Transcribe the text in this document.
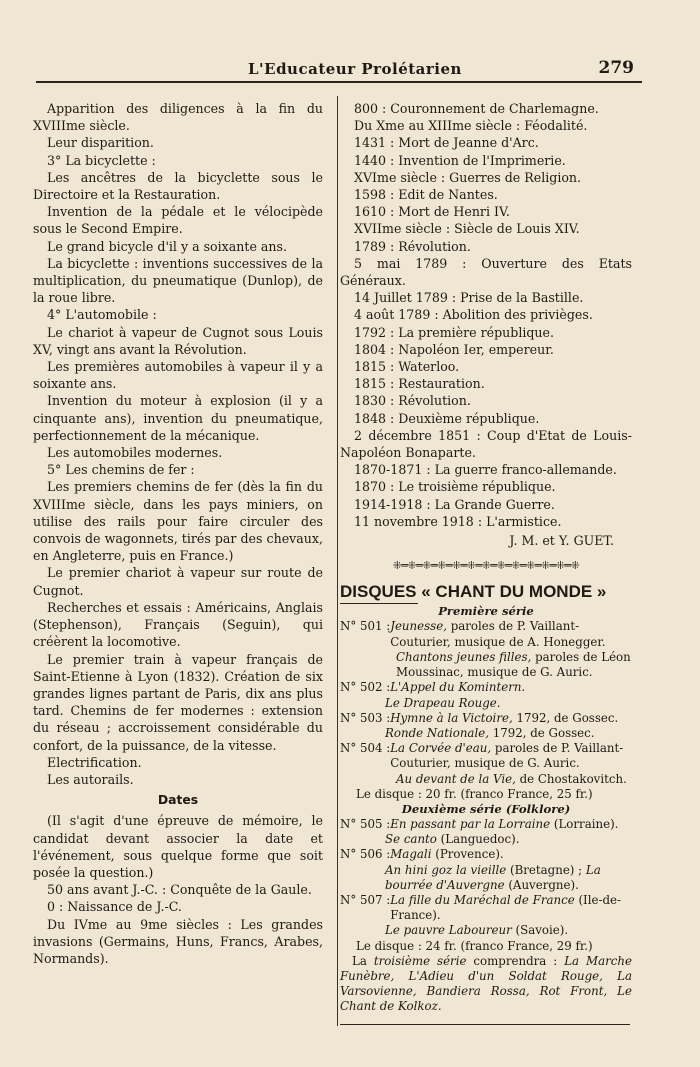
L'Educateur Prolétarien	279

Apparition des diligences à la fin du XVIIIme siècle.

Leur disparition.

3° La bicyclette :

Les ancêtres de la bicyclette sous le Directoire et la Restauration.

Invention de la pédale et le vélocipède sous le Second Empire.

Le grand bicycle d'il y a soixante ans.

La bicyclette : inventions successives de la multiplication, du pneumatique (Dunlop), de la roue libre.

4° L'automobile :

Le chariot à vapeur de Cugnot sous Louis XV, vingt ans avant la Révolution.

Les premières automobiles à vapeur il y a soixante ans.

Invention du moteur à explosion (il y a cinquante ans), invention du pneumatique, perfectionnement de la mécanique.

Les automobiles modernes.

5° Les chemins de fer :

Les premiers chemins de fer (dès la fin du XVIIIme siècle, dans les pays miniers, on utilise des rails pour faire circuler des convois de wagonnets, tirés par des chevaux, en Angleterre, puis en France.)

Le premier chariot à vapeur sur route de Cugnot.

Recherches et essais : Américains, Anglais (Stephenson), Français (Seguin), qui créèrent la locomotive.

Le premier train à vapeur français de Saint-Etienne à Lyon (1832). Création de six grandes lignes partant de Paris, dix ans plus tard. Chemins de fer modernes : extension du réseau ; accroissement considérable du confort, de la puissance, de la vitesse.

Electrification.

Les autorails.

Dates

(Il s'agit d'une épreuve de mémoire, le candidat devant associer la date et l'événement, sous quelque forme que soit posée la question.)

50 ans avant J.-C. : Conquête de la Gaule.

0 : Naissance de J.-C.

Du IVme au 9me siècles : Les grandes invasions (Germains, Huns, Francs, Arabes, Normands).

800 : Couronnement de Charlemagne.

Du Xme au XIIIme siècle : Féodalité.

1431 : Mort de Jeanne d'Arc.

1440 : Invention de l'Imprimerie.

XVIme siècle : Guerres de Religion.

1598 : Edit de Nantes.

1610 : Mort de Henri IV.

XVIIme siècle : Siècle de Louis XIV.

1789 : Révolution.

5 mai 1789 : Ouverture des Etats Généraux.

14 Juillet 1789 : Prise de la Bastille.

4 août 1789 : Abolition des privièges.

1792 : La première république.

1804 : Napoléon Ier, empereur.

1815 : Waterloo.

1815 : Restauration.

1830 : Révolution.

1848 : Deuxième république.

2 décembre 1851 : Coup d'Etat de Louis-Napoléon Bonaparte.

1870-1871 : La guerre franco-allemande.

1870 : Le troisième république.

1914-1918 : La Grande Guerre.

11 novembre 1918 : L'armistice.

J. M. et Y. GUET.

⁜═⁜═⁜═⁜═⁜═⁜═⁜═⁜═⁜═⁜═⁜═⁜═⁜

DISQUES « CHANT DU MONDE »

Première série

N° 501 : Jeunesse, paroles de P. Vaillant-Couturier, musique de A. Honegger.

Chantons jeunes filles, paroles de Léon Moussinac, musique de G. Auric.

N° 502 : L'Appel du Komintern.

Le Drapeau Rouge.

N° 503 : Hymne à la Victoire, 1792, de Gossec.

Ronde Nationale, 1792, de Gossec.

N° 504 : La Corvée d'eau, paroles de P. Vaillant-Couturier, musique de G. Auric.

Au devant de la Vie, de Chostakovitch.

Le disque : 20 fr. (franco France, 25 fr.)

Deuxième série (Folklore)

N° 505 : En passant par la Lorraine (Lorraine).

Se canto (Languedoc).

N° 506 : Magali (Provence).

An hini goz la vieille (Bretagne) ; La bourrée d'Auvergne (Auvergne).

N° 507 : La fille du Maréchal de France (Ile-de-France).

Le pauvre Laboureur (Savoie).

Le disque : 24 fr. (franco France, 29 fr.)

La troisième série comprendra : La Marche Funèbre, L'Adieu d'un Soldat Rouge, La Varsovienne, Bandiera Rossa, Rot Front, Le Chant de Kolkoz.
